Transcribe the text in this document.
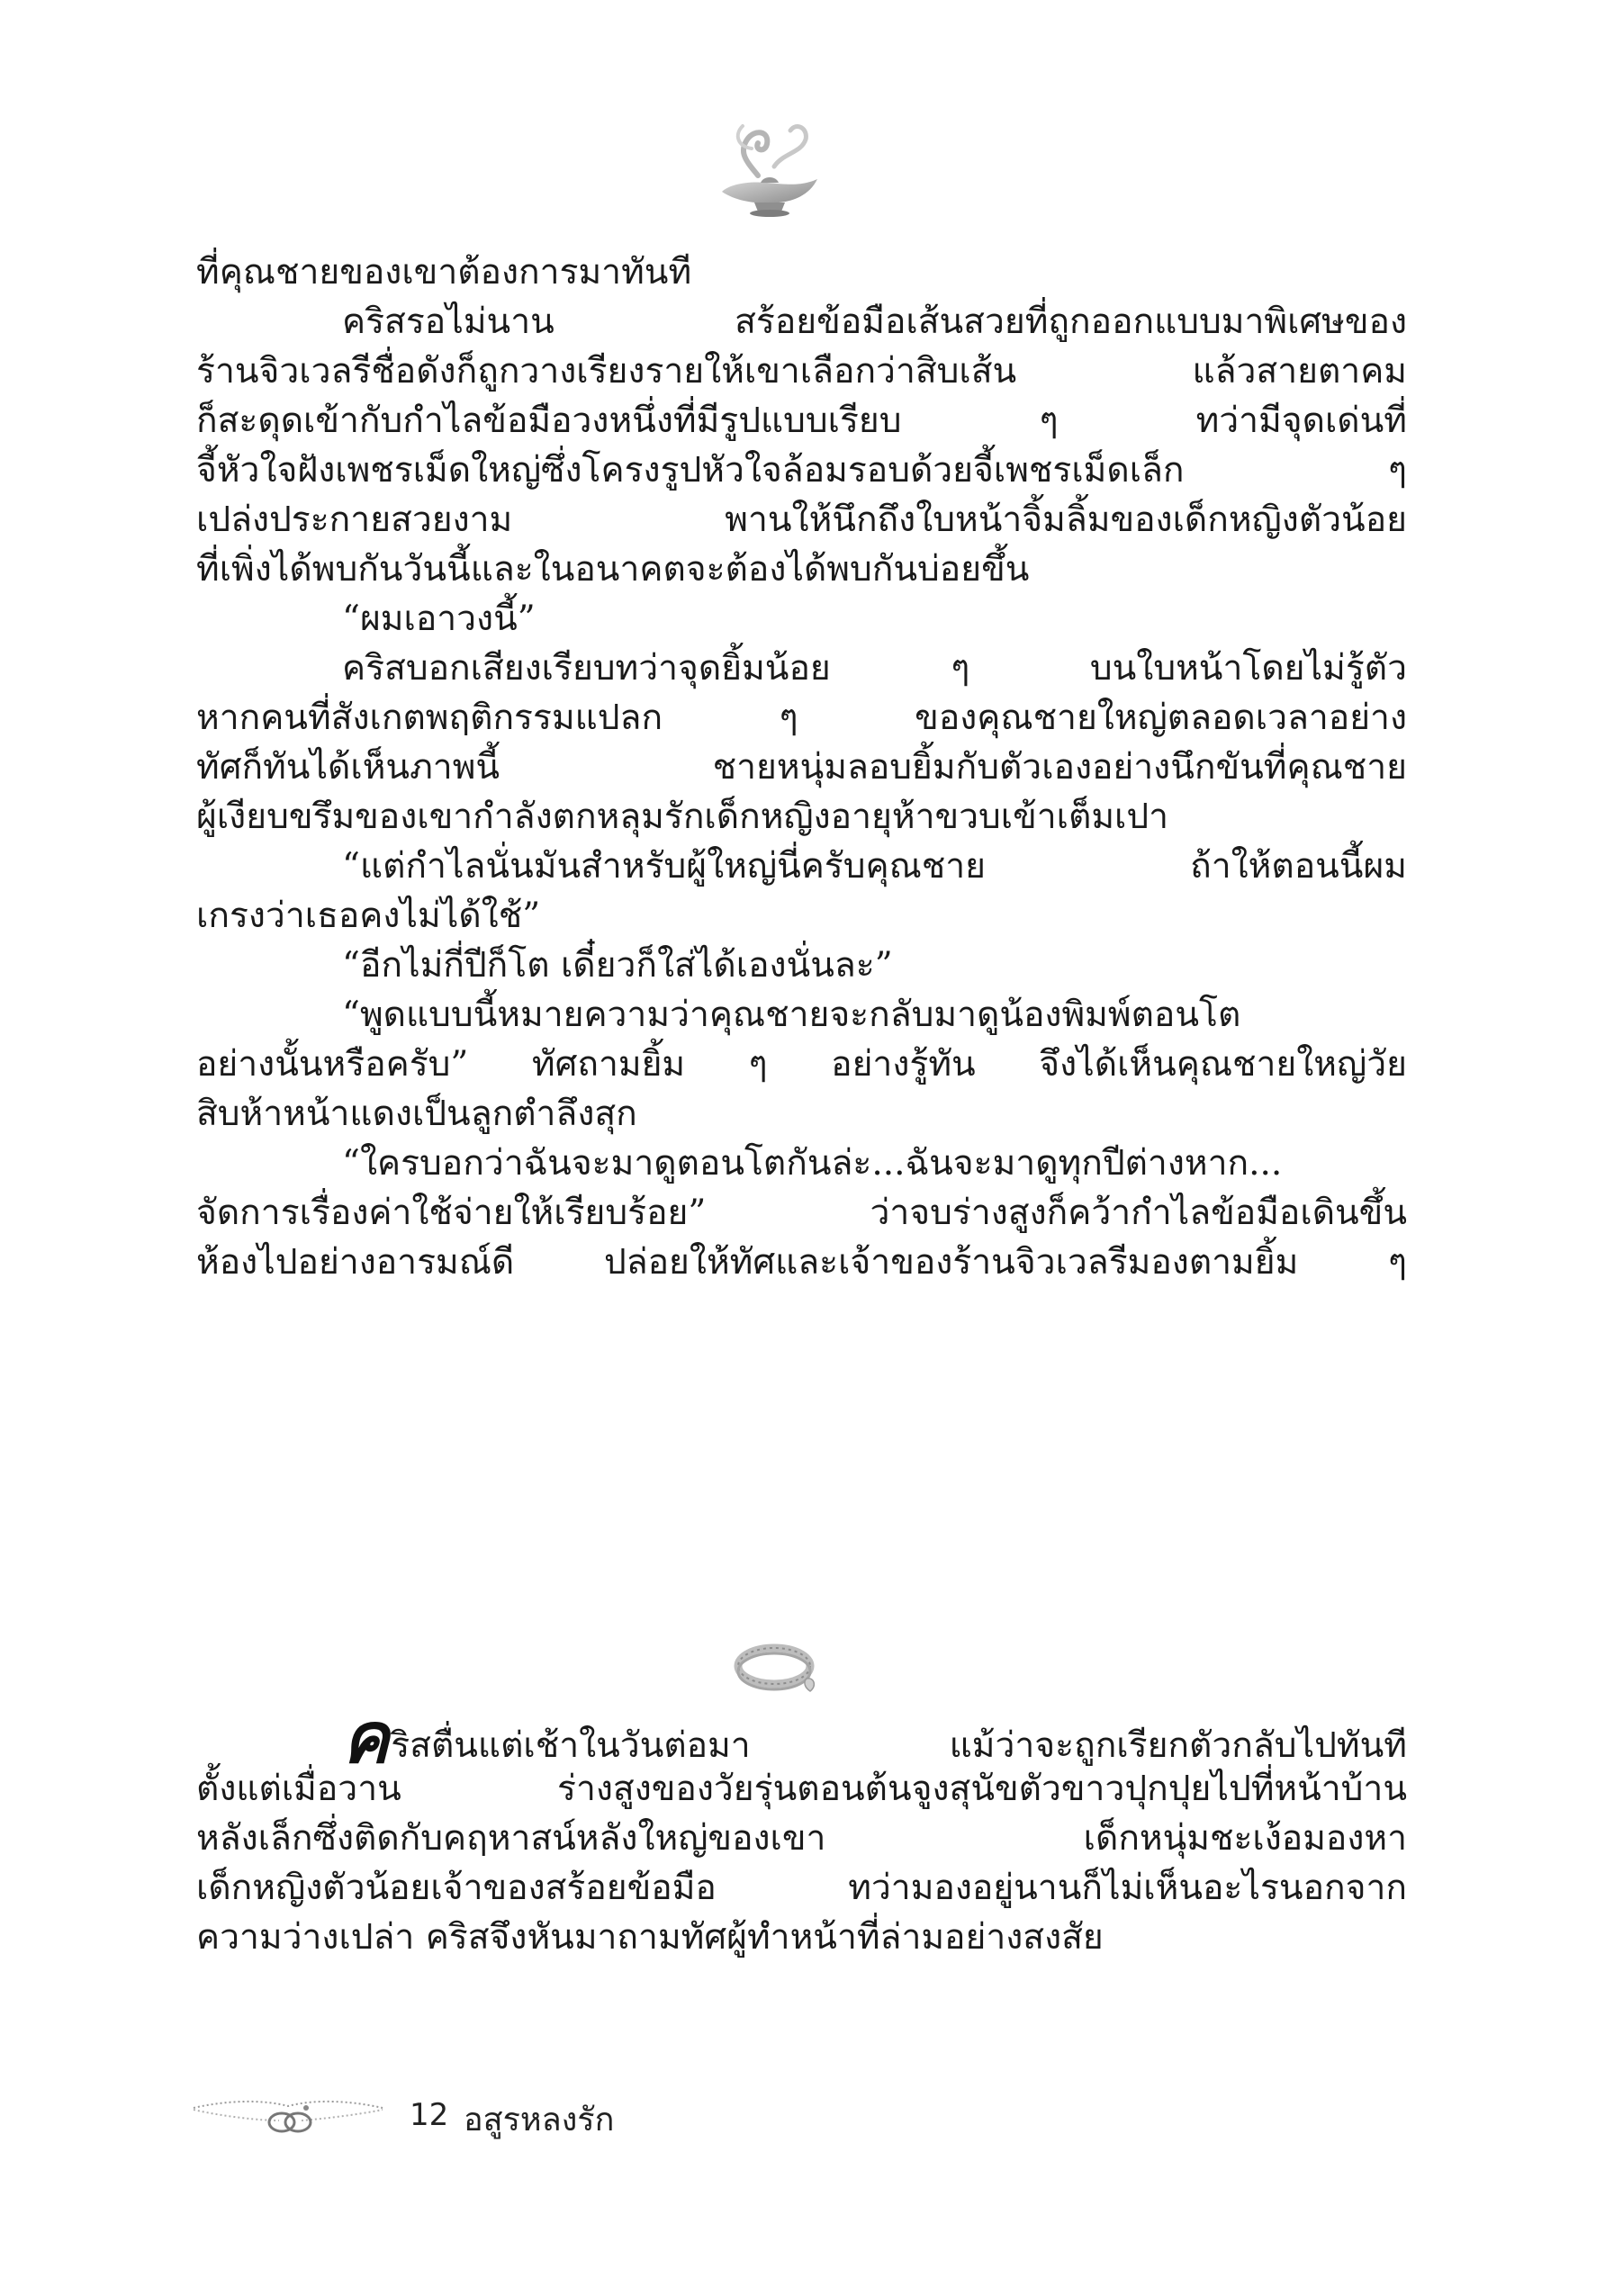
ที่คุณชายของเขาต้องการมาทันที
คริสรอไม่นาน สร้อยข้อมือเส้นสวยที่ถูกออกแบบมาพิเศษของ
ร้านจิวเวลรีชื่อดังก็ถูกวางเรียงรายให้เขาเลือกว่าสิบเส้น แล้วสายตาคม
ก็สะดุดเข้ากับกำไลข้อมือวงหนึ่งที่มีรูปแบบเรียบ ๆ ทว่ามีจุดเด่นที่
จี้หัวใจฝังเพชรเม็ดใหญ่ซึ่งโครงรูปหัวใจล้อมรอบด้วยจี้เพชรเม็ดเล็ก ๆ
เปล่งประกายสวยงาม พานให้นึกถึงใบหน้าจิ้มลิ้มของเด็กหญิงตัวน้อย
ที่เพิ่งได้พบกันวันนี้และในอนาคตจะต้องได้พบกันบ่อยขึ้น
“ผมเอาวงนี้”
คริสบอกเสียงเรียบทว่าจุดยิ้มน้อย ๆ บนใบหน้าโดยไม่รู้ตัว
หากคนที่สังเกตพฤติกรรมแปลก ๆ ของคุณชายใหญ่ตลอดเวลาอย่าง
ทัศก็ทันได้เห็นภาพนี้ ชายหนุ่มลอบยิ้มกับตัวเองอย่างนึกขันที่คุณชาย
ผู้เงียบขรึมของเขากำลังตกหลุมรักเด็กหญิงอายุห้าขวบเข้าเต็มเปา
“แต่กำไลนั่นมันสำหรับผู้ใหญ่นี่ครับคุณชาย ถ้าให้ตอนนี้ผม
เกรงว่าเธอคงไม่ได้ใช้”
“อีกไม่กี่ปีก็โต เดี๋ยวก็ใส่ได้เองนั่นละ”
“พูดแบบนี้หมายความว่าคุณชายจะกลับมาดูน้องพิมพ์ตอนโต
อย่างนั้นหรือครับ” ทัศถามยิ้ม ๆ อย่างรู้ทัน จึงได้เห็นคุณชายใหญ่วัย
สิบห้าหน้าแดงเป็นลูกตำลึงสุก
“ใครบอกว่าฉันจะมาดูตอนโตกันล่ะ...ฉันจะมาดูทุกปีต่างหาก...
จัดการเรื่องค่าใช้จ่ายให้เรียบร้อย” ว่าจบร่างสูงก็คว้ากำไลข้อมือเดินขึ้น
ห้องไปอย่างอารมณ์ดี ปล่อยให้ทัศและเจ้าของร้านจิวเวลรีมองตามยิ้ม ๆ
คริสตื่นแต่เช้าในวันต่อมา แม้ว่าจะถูกเรียกตัวกลับไปทันที
ตั้งแต่เมื่อวาน ร่างสูงของวัยรุ่นตอนต้นจูงสุนัขตัวขาวปุกปุยไปที่หน้าบ้าน
หลังเล็กซึ่งติดกับคฤหาสน์หลังใหญ่ของเขา เด็กหนุ่มชะเง้อมองหา
เด็กหญิงตัวน้อยเจ้าของสร้อยข้อมือ ทว่ามองอยู่นานก็ไม่เห็นอะไรนอกจาก
ความว่างเปล่า คริสจึงหันมาถามทัศผู้ทำหน้าที่ล่ามอย่างสงสัย
12 อสูรหลงรัก
